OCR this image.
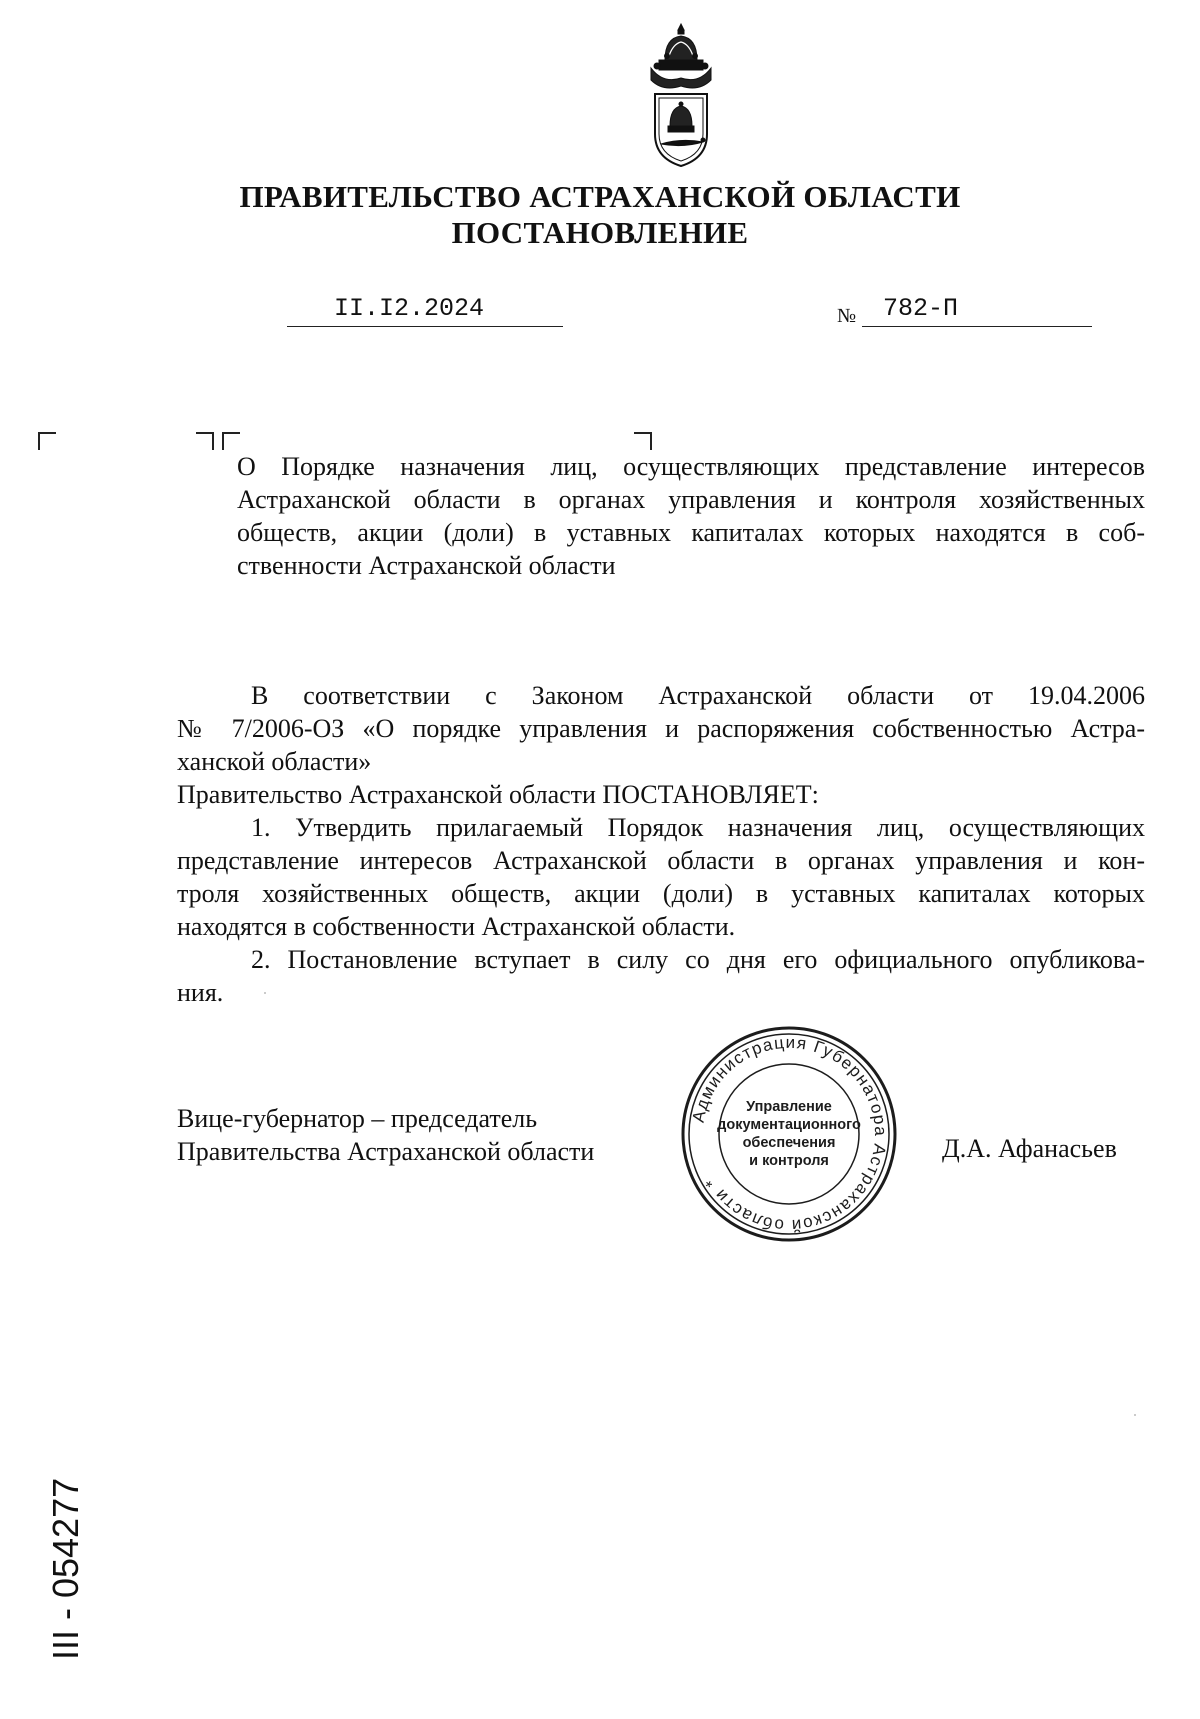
ПРАВИТЕЛЬСТВО АСТРАХАНСКОЙ ОБЛАСТИ
ПОСТАНОВЛЕНИЕ
II.I2.2024	№ 782-П
О Порядке назначения лиц, осуществляющих представление интересов
Астраханской области в органах управления и контроля хозяйственных
обществ, акции (доли) в уставных капиталах которых находятся в соб-
ственности Астраханской области
В соответствии с Законом Астраханской области от 19.04.2006
№ 7/2006-ОЗ «О порядке управления и распоряжения собственностью Астра-
ханской области»
Правительство Астраханской области ПОСТАНОВЛЯЕТ:
1. Утвердить прилагаемый Порядок назначения лиц, осуществляющих
представление интересов Астраханской области в органах управления и кон-
троля хозяйственных обществ, акции (доли) в уставных капиталах которых
находятся в собственности Астраханской области.
2. Постановление вступает в силу со дня его официального опубликова-
ния.
Вице-губернатор – председатель
Правительства Астраханской области	Д.А. Афанасьев
Администрация Губернатора Астраханской области *
Управление
документационного
обеспечения
и контроля
III - 054277
